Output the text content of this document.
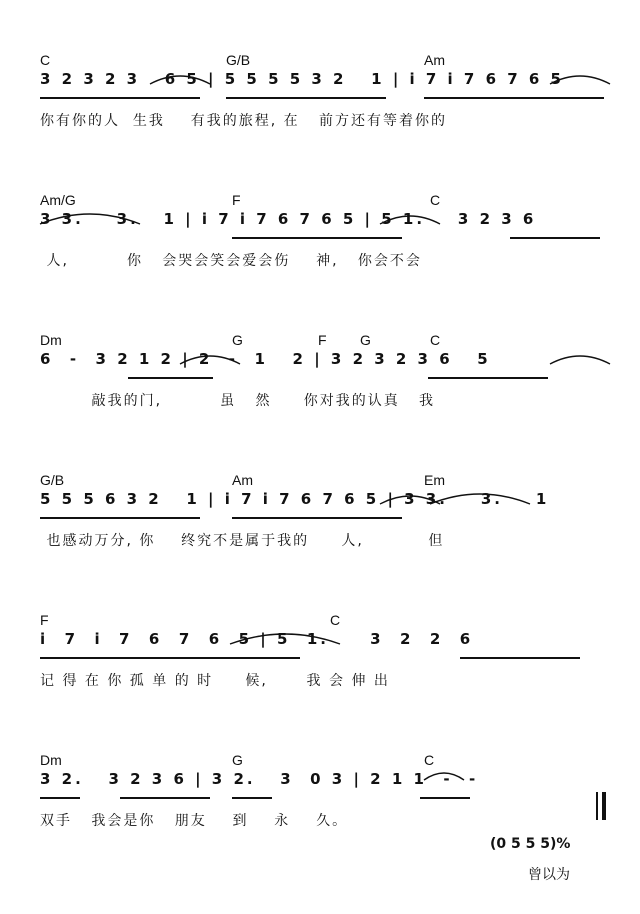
C	G/B	Am
3 2 3 2 3   6 5 | 5 5 5 5 3 2   1 | i 7 i 7 6 7 6 5
你有你的人  生我    有我的旅程, 在   前方还有等着你的
Am/G	F	C
3 3.    3.   1 | i 7 i 7 6 7 6 5 | 5 1.    3 2 3 6
人,         你   会哭会笑会爱会伤    神,   你会不会
Dm	G	F G	C
6  -  3 2 1 2 | 2  -  1   2 | 3 2 3 2 3 6   5
敲我的门,         虽   然     你对我的认真   我
G/B	Am	Em
5 5 5 6 3 2   1 | i 7 i 7 6 7 6 5 | 3 3.    3.    1
也感动万分, 你    终究不是属于我的     人,          但
F	C
i  7  i  7  6  7  6  5 | 5  1.     3  2  2  6
记 得 在 你 孤 单 的 时     候,      我 会 伸 出
Dm	G	C
3 2.   3 2 3 6 | 3 2.   3  0 3 | 2 1 1  -  -
双手   我会是你   朋友    到    永    久。
(0 5 5 5)%
曾以为
